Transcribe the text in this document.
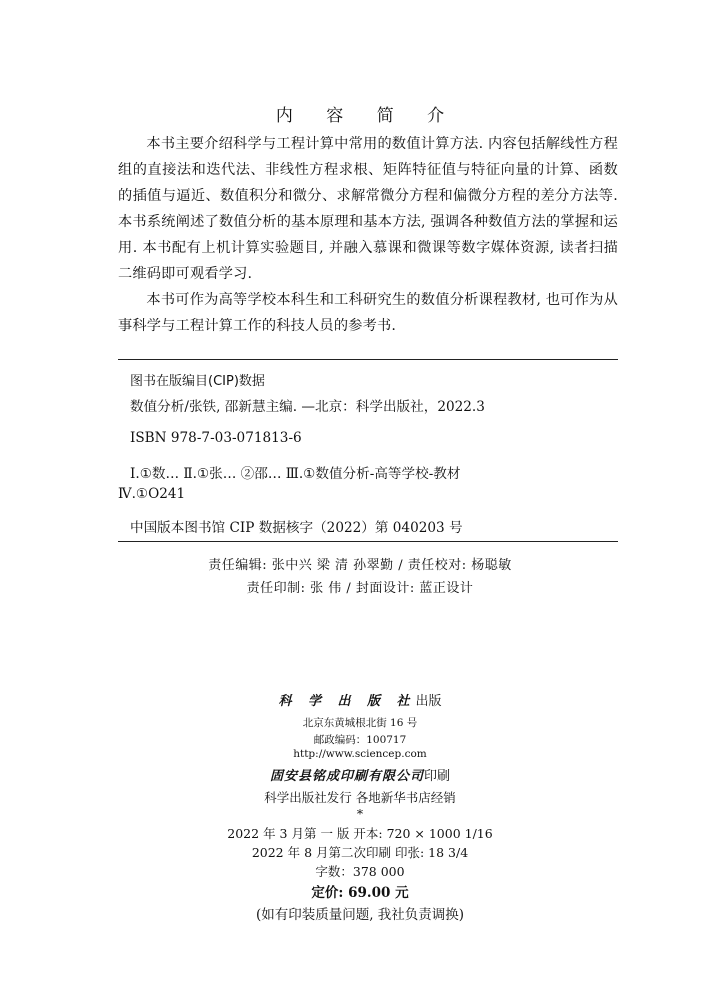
内 容 简 介

本书主要介绍科学与工程计算中常用的数值计算方法. 内容包括解线性方程组的直接法和迭代法、非线性方程求根、矩阵特征值与特征向量的计算、函数的插值与逼近、数值积分和微分、求解常微分方程和偏微分方程的差分方法等. 本书系统阐述了数值分析的基本原理和基本方法, 强调各种数值方法的掌握和运用. 本书配有上机计算实验题目, 并融入慕课和微课等数字媒体资源, 读者扫描二维码即可观看学习.

本书可作为高等学校本科生和工科研究生的数值分析课程教材, 也可作为从事科学与工程计算工作的科技人员的参考书.

图书在版编目(CIP)数据
数值分析/张铁, 邵新慧主编. —北京：科学出版社，2022.3
ISBN 978-7-03-071813-6
Ⅰ.①数… Ⅱ.①张… ②邵… Ⅲ.①数值分析-高等学校-教材
Ⅳ.①O241
中国版本图书馆 CIP 数据核字（2022）第 040203 号
责任编辑: 张中兴 梁 清 孙翠勤 / 责任校对: 杨聪敏
责任印制: 张 伟 / 封面设计: 蓝正设计
科 学 出 版 社出版
北京东黄城根北街 16 号
邮政编码：100717
http://www.sciencep.com
固安县铭成印刷有限公司印刷
科学出版社发行 各地新华书店经销
*
2022 年 3 月第 一 版 开本: 720 × 1000 1/16
2022 年 8 月第二次印刷 印张: 18 3/4
字数：378 000
定价: 69.00 元
(如有印装质量问题, 我社负责调换)
